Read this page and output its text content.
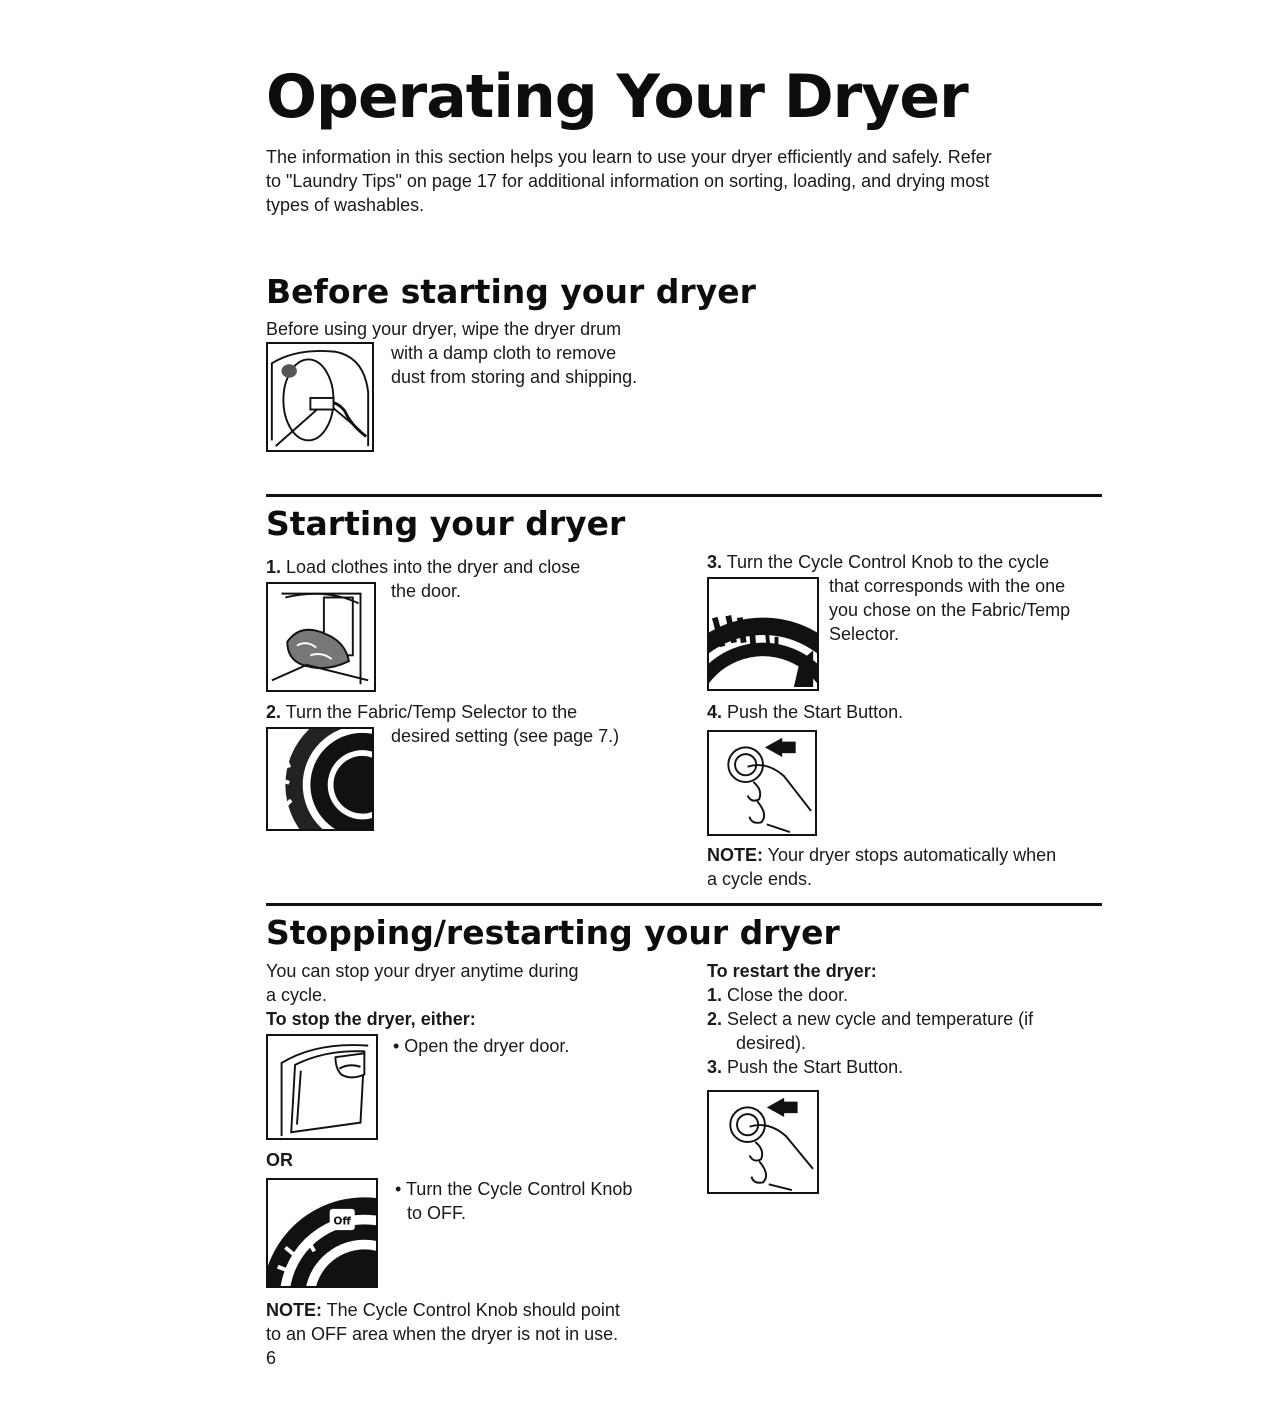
Operating Your Dryer
The information in this section helps you learn to use your dryer efficiently and safely. Refer
to "Laundry Tips" on page 17 for additional information on sorting, loading, and drying most
types of washables.
Before starting your dryer
Before using your dryer, wipe the dryer drum
with a damp cloth to remove
dust from storing and shipping.
Starting your dryer
1. Load clothes into the dryer and close
the door.
2. Turn the Fabric/Temp Selector to the
desired setting (see page 7.)
3. Turn the Cycle Control Knob to the cycle
that corresponds with the one
you chose on the Fabric/Temp
Selector.
4. Push the Start Button.
NOTE: Your dryer stops automatically when
a cycle ends.
Stopping/restarting your dryer
You can stop your dryer anytime during
a cycle.
To stop the dryer, either:
• Open the dryer door.
OR
Off
• Turn the Cycle Control Knob
to OFF.
NOTE: The Cycle Control Knob should point
to an OFF area when the dryer is not in use.
6
To restart the dryer:
1. Close the door.
2. Select a new cycle and temperature (if
desired).
3. Push the Start Button.
